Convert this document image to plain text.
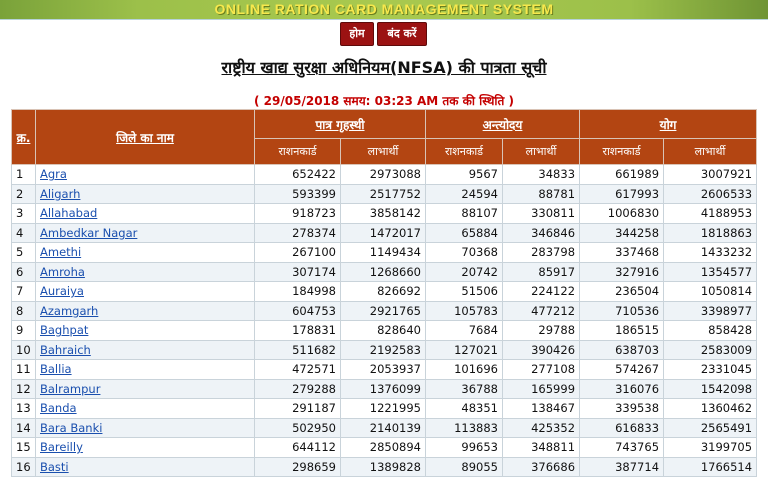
ONLINE RATION CARD MANAGEMENT SYSTEM
होम	बंद करें
राष्ट्रीय खाद्य सुरक्षा अधिनियम(NFSA) की पात्रता सूची
( 29/05/2018 समय: 03:23 AM तक की स्थिति )
क्र.	जिले का नाम	पात्र गृहस्थी		अन्त्योदय		योग	
		राशनकार्ड	लाभार्थी	राशनकार्ड	लाभार्थी	राशनकार्ड	लाभार्थी
1	Agra	652422	2973088	9567	34833	661989	3007921
2	Aligarh	593399	2517752	24594	88781	617993	2606533
3	Allahabad	918723	3858142	88107	330811	1006830	4188953
4	Ambedkar Nagar	278374	1472017	65884	346846	344258	1818863
5	Amethi	267100	1149434	70368	283798	337468	1433232
6	Amroha	307174	1268660	20742	85917	327916	1354577
7	Auraiya	184998	826692	51506	224122	236504	1050814
8	Azamgarh	604753	2921765	105783	477212	710536	3398977
9	Baghpat	178831	828640	7684	29788	186515	858428
10	Bahraich	511682	2192583	127021	390426	638703	2583009
11	Ballia	472571	2053937	101696	277108	574267	2331045
12	Balrampur	279288	1376099	36788	165999	316076	1542098
13	Banda	291187	1221995	48351	138467	339538	1360462
14	Bara Banki	502950	2140139	113883	425352	616833	2565491
15	Bareilly	644112	2850894	99653	348811	743765	3199705
16	Basti	298659	1389828	89055	376686	387714	1766514
